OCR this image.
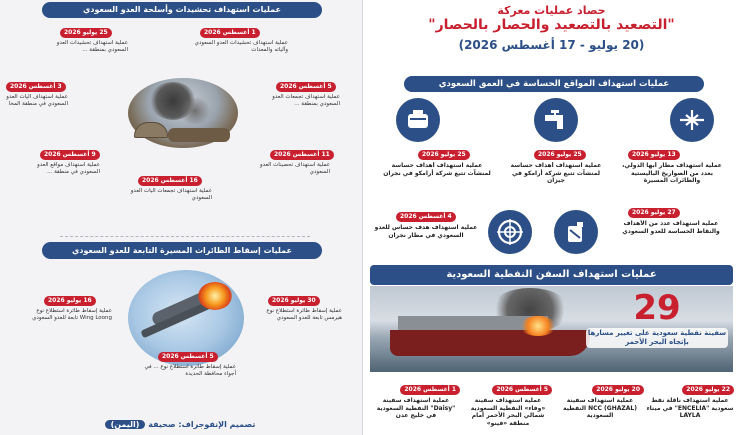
عمليات استهداف تحشيدات وأسلحة العدو السعودي
25 يوليو 2026
عملية استهداف تحشيدات العدو السعودي بمنطقة ...
1 أغسطس 2026
عملية استهداف تحشيدات العدو السعودي وآلياته والمعدات
3 أغسطس 2026
عملية استهداف آليات العدو السعودي في منطقة المخا
5 أغسطس 2026
عملية استهداف تجمعات العدو السعودي بمنطقة ...
9 أغسطس 2026
عملية استهداف مواقع العدو السعودي في منطقة ...
11 أغسطس 2026
عملية استهداف تحصينات العدو السعودي
16 أغسطس 2026
عملية استهداف تجمعات آليات العدو السعودي
عمليات إسقاط الطائرات المسيرة التابعة للعدو السعودي
16 يوليو 2026
عملية إسقاط طائرة استطلاع نوع Wing Loong تابعة للعدو السعودي
30 يوليو 2026
عملية إسقاط طائرة استطلاع نوع هيرمس تابعة للعدو السعودي
5 أغسطس 2026
عملية إسقاط طائرة استطلاع نوع ... في أجواء محافظة الحديدة
تصميم الإنفوجراف: صحيفة (اليمن)
حصاد عمليات معركة
"التصعيد بالتصعيد والحصار بالحصار"
(20 يوليو - 17 أغسطس 2026)
عمليات استهداف المواقع الحساسة في العمق السعودي
13 يوليو 2026
عملية استهداف مطار أبها الدولي، بعدد من الصواريخ الباليستية والطائرات المسيرة
25 يوليو 2026
عملية استهداف أهداف حساسة لمنشآت تتبع شركة أرامكو في جيزان
25 يوليو 2026
عملية استهداف أهداف حساسة لمنشآت تتبع شركة أرامكو في نجران
27 يوليو 2026
عملية استهداف عدد من الأهداف والنقاط الحساسة للعدو السعودي
4 أغسطس 2026
عملية استهداف هدف حساس للعدو السعودي في مطار نجران
عمليات استهداف السفن النفطية السعودية
29
سفينة نفطية سعودية على تغيير مسارها بإتجاه البحر الأحمر
22 يوليو 2026
عملية استهداف ناقلة نفط سعودية "ENCELIA" في ميناء LAYLA
20 يوليو 2026
عملية استهداف سفينة (GHAZAL) NCC النفطية السعودية
5 أغسطس 2026
عملية استهداف سفينة «وفاء» النفطية السعودية شمالي البحر الأحمر أمام منطقة «فينو»
1 أغسطس 2026
عملية استهداف سفينة "Daisy" النفطية السعودية في خليج عدن
